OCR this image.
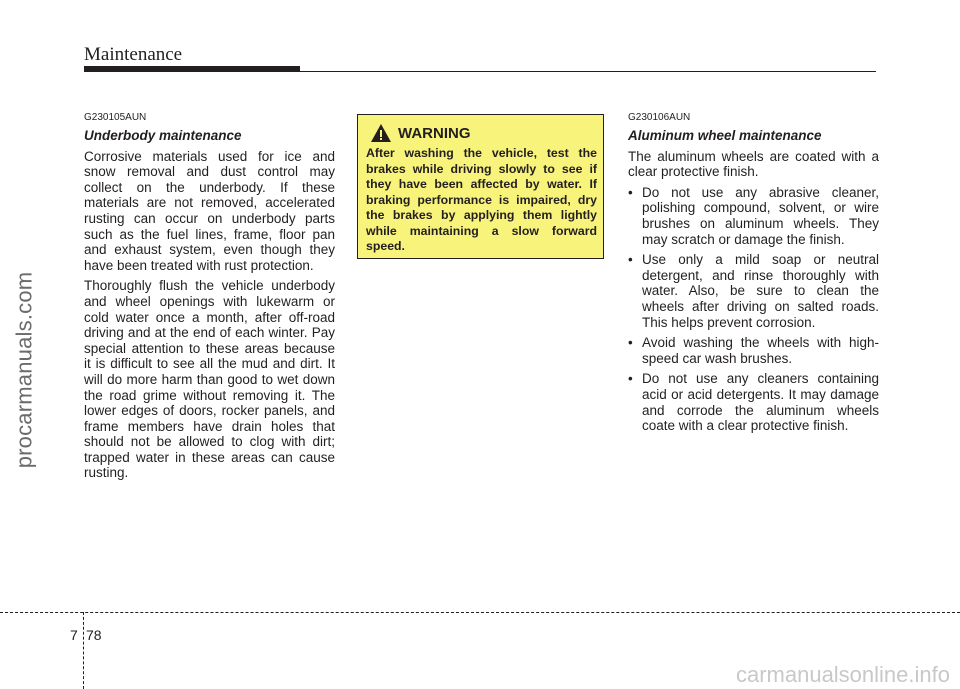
Maintenance
procarmanuals.com
G230105AUN
Underbody maintenance

Corrosive materials used for ice and snow removal and dust control may collect on the underbody. If these materials are not removed, accelerated rusting can occur on underbody parts such as the fuel lines, frame, floor pan and exhaust system, even though they have been treated with rust protection.

Thoroughly flush the vehicle underbody and wheel openings with lukewarm or cold water once a month, after off-road driving and at the end of each winter. Pay special attention to these areas because it is difficult to see all the mud and dirt. It will do more harm than good to wet down the road grime without removing it. The lower edges of doors, rocker panels, and frame members have drain holes that should not be allowed to clog with dirt; trapped water in these areas can cause rusting.

WARNING
After washing the vehicle, test the brakes while driving slowly to see if they have been affected by water. If braking performance is impaired, dry the brakes by applying them lightly while maintaining a slow forward speed.
G230106AUN
Aluminum wheel maintenance

The aluminum wheels are coated with a clear protective finish.

• Do not use any abrasive cleaner, polishing compound, solvent, or wire brushes on aluminum wheels. They may scratch or damage the finish.
• Use only a mild soap or neutral detergent, and rinse thoroughly with water. Also, be sure to clean the wheels after driving on salted roads. This helps prevent corrosion.
• Avoid washing the wheels with high-speed car wash brushes.
• Do not use any cleaners containing acid or acid detergents. It may damage and corrode the aluminum wheels coate with a clear protective finish.
7 78
carmanualsonline.info
